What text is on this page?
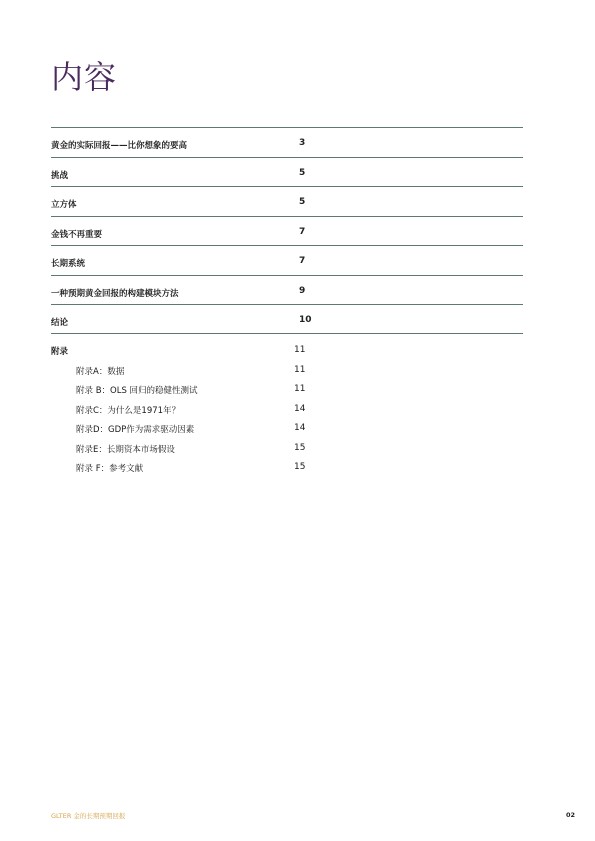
内容
黄金的实际回报——比你想象的要高	3
挑战	5
立方体	5
金钱不再重要	7
长期系统	7
一种预期黄金回报的构建模块方法	9
结论	10
附录	11
附录A：数据	11
附录 B：OLS 回归的稳健性测试	11
附录C：为什么是1971年？	14
附录D：GDP作为需求驱动因素	14
附录E：长期资本市场假设	15
附录 F：参考文献	15
GLTER 金的长期预期回报	02
